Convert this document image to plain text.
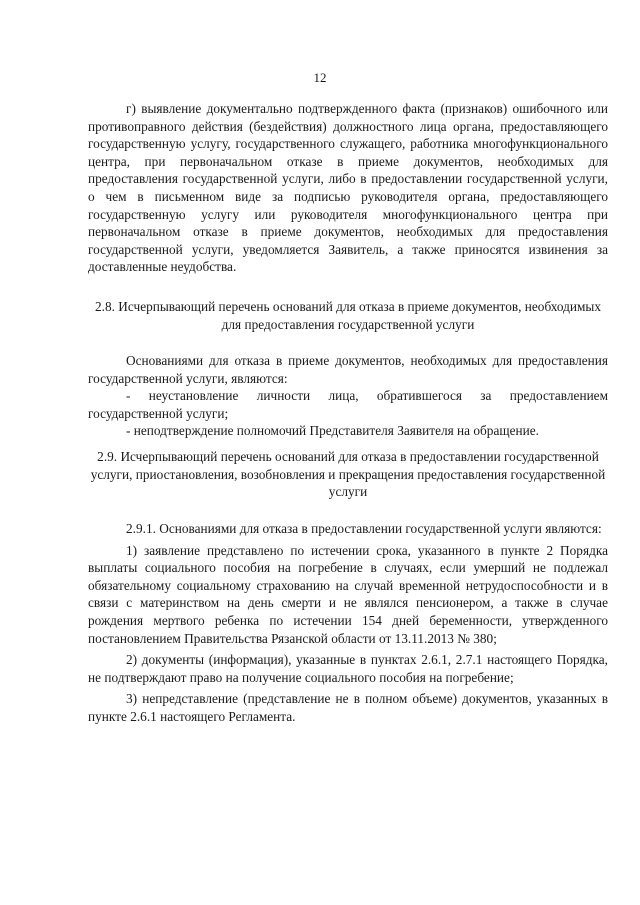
12

г) выявление документально подтвержденного факта (признаков) ошибочного или противоправного действия (бездействия) должностного лица органа, предоставляющего государственную услугу, государственного служащего, работника многофункционального центра, при первоначальном отказе в приеме документов, необходимых для предоставления государственной услуги, либо в предоставлении государственной услуги, о чем в письменном виде за подписью руководителя органа, предоставляющего государственную услугу или руководителя многофункционального центра при первоначальном отказе в приеме документов, необходимых для предоставления государственной услуги, уведомляется Заявитель, а также приносятся извинения за доставленные неудобства.

2.8. Исчерпывающий перечень оснований для отказа в приеме документов, необходимых для предоставления государственной услуги

Основаниями для отказа в приеме документов, необходимых для предоставления государственной услуги, являются:

- неустановление личности лица, обратившегося за предоставлением государственной услуги;

- неподтверждение полномочий Представителя Заявителя на обращение.

2.9. Исчерпывающий перечень оснований для отказа в предоставлении государственной услуги, приостановления, возобновления и прекращения предоставления государственной услуги

2.9.1. Основаниями для отказа в предоставлении государственной услуги являются:

1) заявление представлено по истечении срока, указанного в пункте 2 Порядка выплаты социального пособия на погребение в случаях, если умерший не подлежал обязательному социальному страхованию на случай временной нетрудоспособности и в связи с материнством на день смерти и не являлся пенсионером, а также в случае рождения мертвого ребенка по истечении 154 дней беременности, утвержденного постановлением Правительства Рязанской области от 13.11.2013 № 380;

2) документы (информация), указанные в пунктах 2.6.1, 2.7.1 настоящего Порядка, не подтверждают право на получение социального пособия на погребение;

3) непредставление (представление не в полном объеме) документов, указанных в пункте 2.6.1 настоящего Регламента.
